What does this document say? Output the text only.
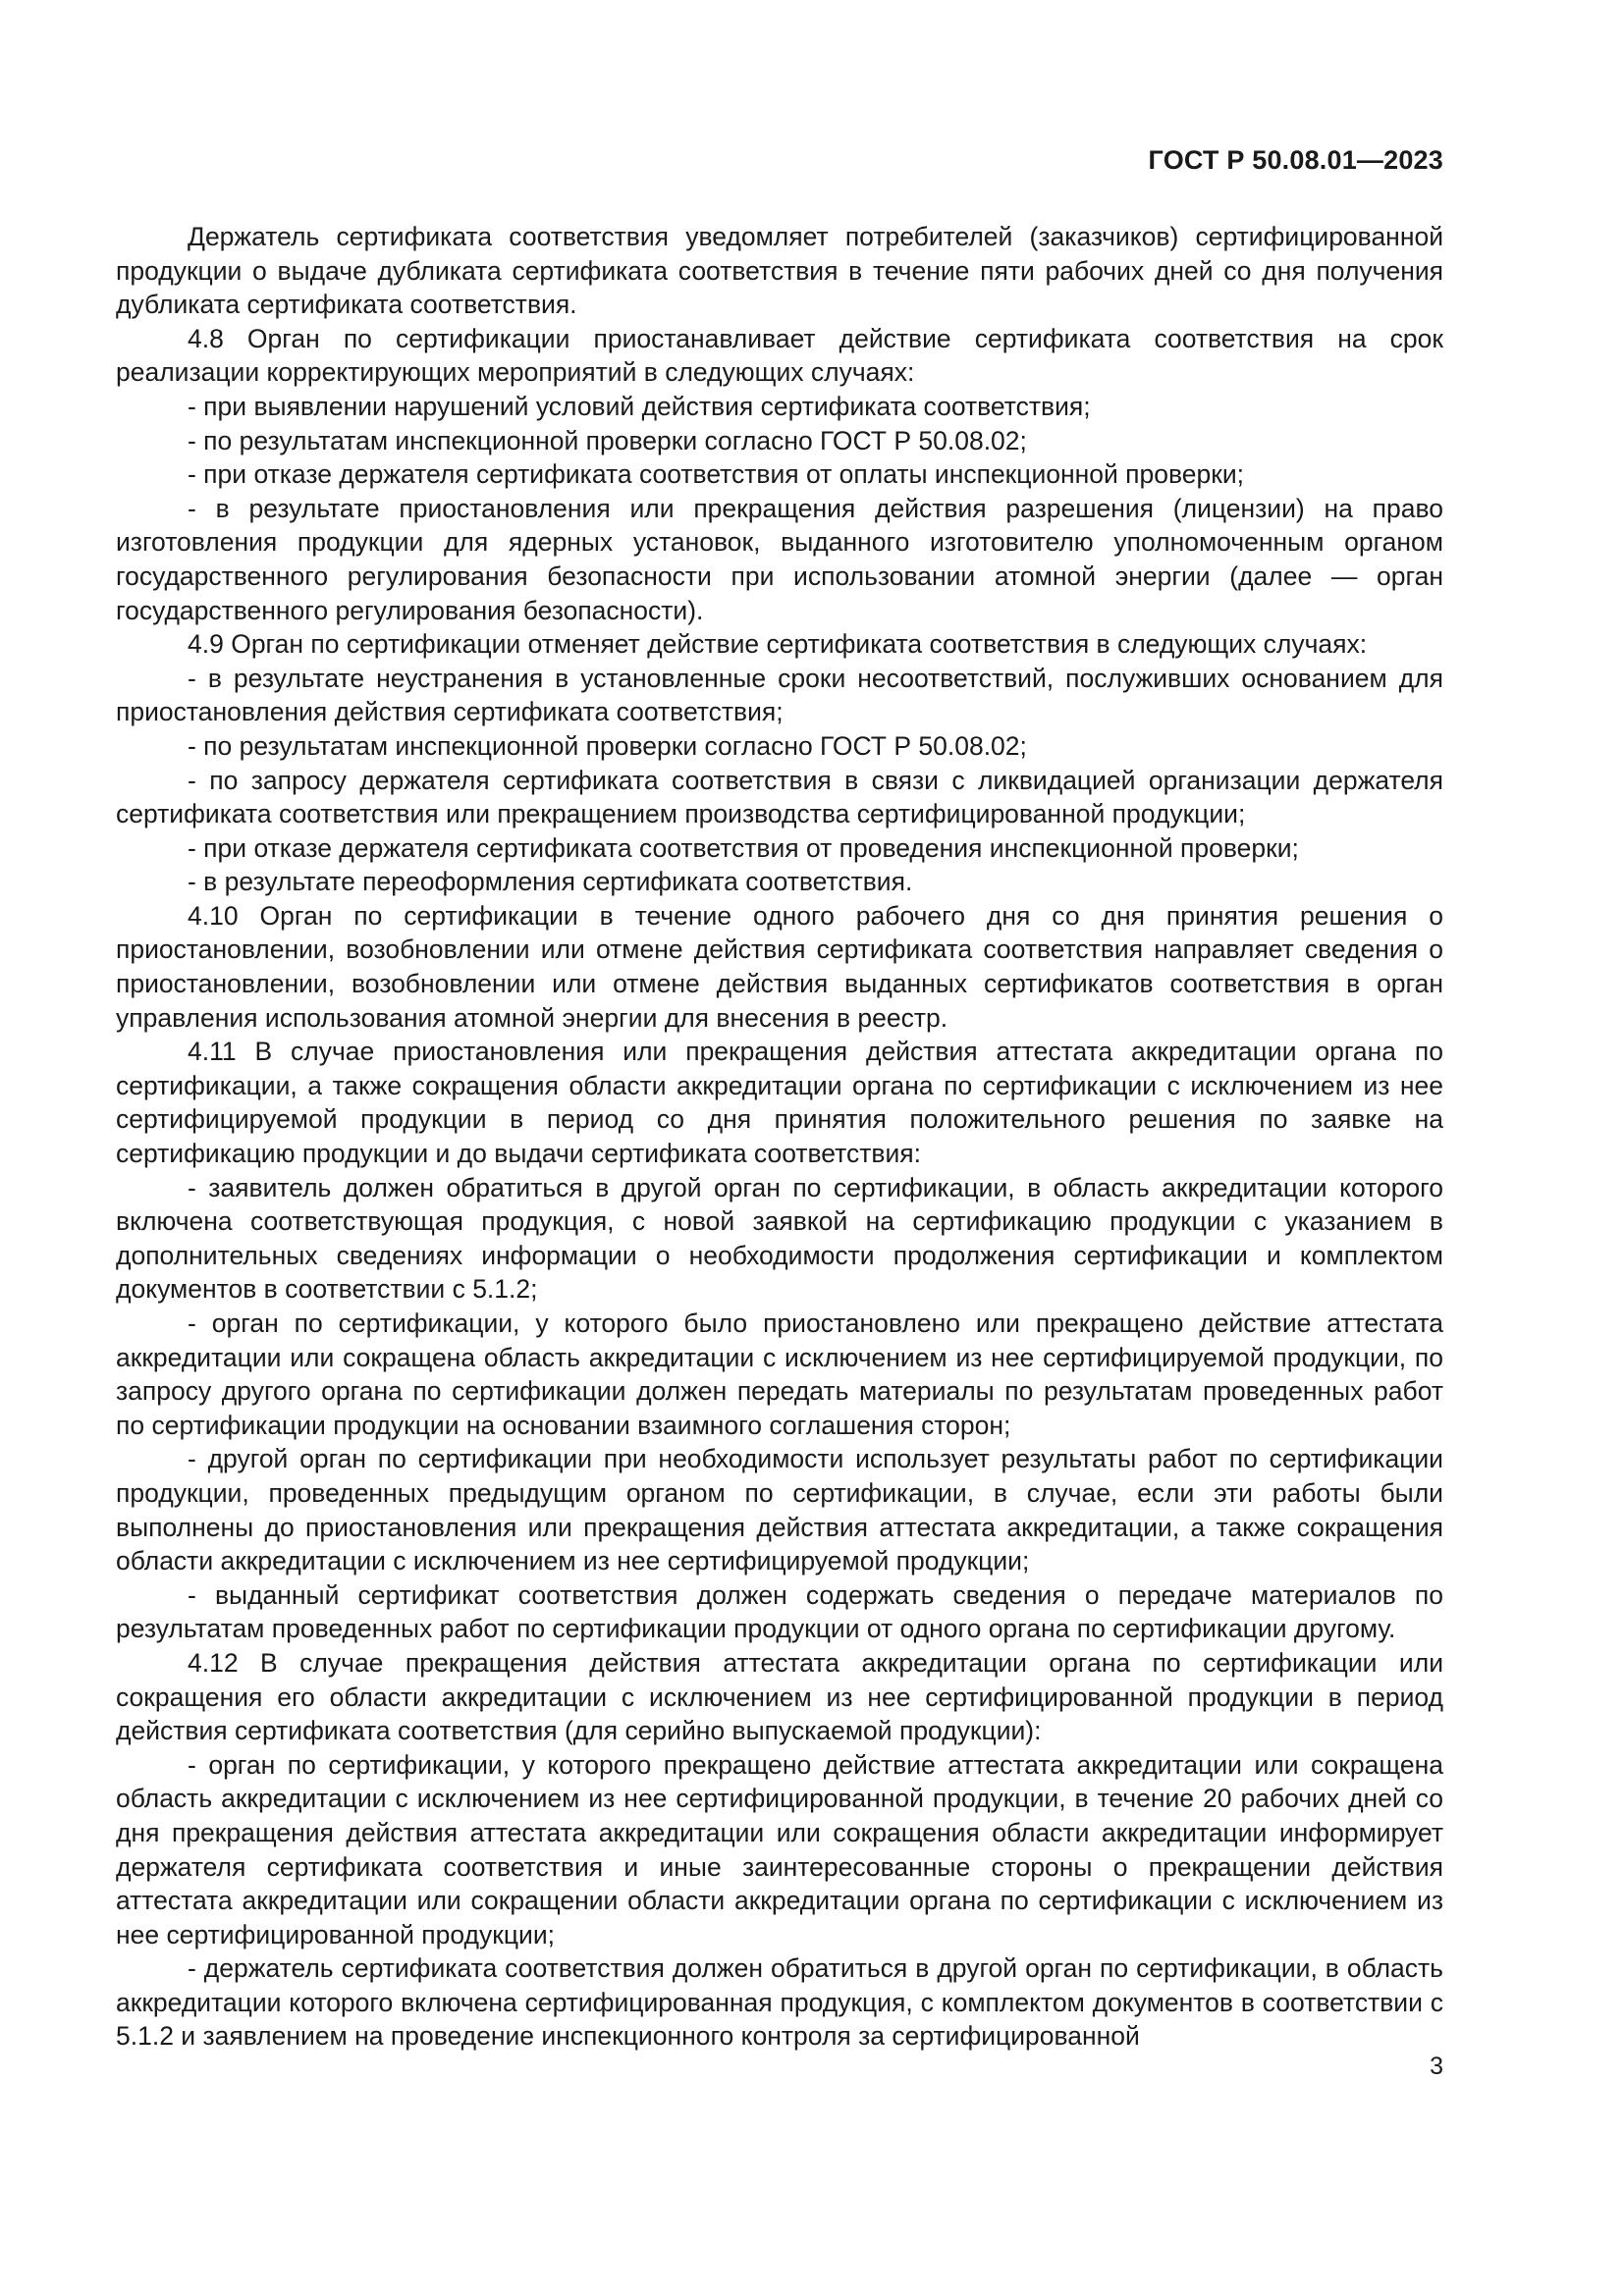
ГОСТ Р 50.08.01—2023

Держатель сертификата соответствия уведомляет потребителей (заказчиков) сертифицированной продукции о выдаче дубликата сертификата соответствия в течение пяти рабочих дней со дня получения дубликата сертификата соответствия.

4.8 Орган по сертификации приостанавливает действие сертификата соответствия на срок реализации корректирующих мероприятий в следующих случаях:

- при выявлении нарушений условий действия сертификата соответствия;

- по результатам инспекционной проверки согласно ГОСТ Р 50.08.02;

- при отказе держателя сертификата соответствия от оплаты инспекционной проверки;

- в результате приостановления или прекращения действия разрешения (лицензии) на право изготовления продукции для ядерных установок, выданного изготовителю уполномоченным органом государственного регулирования безопасности при использовании атомной энергии (далее — орган государственного регулирования безопасности).

4.9 Орган по сертификации отменяет действие сертификата соответствия в следующих случаях:

- в результате неустранения в установленные сроки несоответствий, послуживших основанием для приостановления действия сертификата соответствия;

- по результатам инспекционной проверки согласно ГОСТ Р 50.08.02;

- по запросу держателя сертификата соответствия в связи с ликвидацией организации держателя сертификата соответствия или прекращением производства сертифицированной продукции;

- при отказе держателя сертификата соответствия от проведения инспекционной проверки;

- в результате переоформления сертификата соответствия.

4.10 Орган по сертификации в течение одного рабочего дня со дня принятия решения о приостановлении, возобновлении или отмене действия сертификата соответствия направляет сведения о приостановлении, возобновлении или отмене действия выданных сертификатов соответствия в орган управления использования атомной энергии для внесения в реестр.

4.11 В случае приостановления или прекращения действия аттестата аккредитации органа по сертификации, а также сокращения области аккредитации органа по сертификации с исключением из нее сертифицируемой продукции в период со дня принятия положительного решения по заявке на сертификацию продукции и до выдачи сертификата соответствия:

- заявитель должен обратиться в другой орган по сертификации, в область аккредитации которого включена соответствующая продукция, с новой заявкой на сертификацию продукции с указанием в дополнительных сведениях информации о необходимости продолжения сертификации и комплектом документов в соответствии с 5.1.2;

- орган по сертификации, у которого было приостановлено или прекращено действие аттестата аккредитации или сокращена область аккредитации с исключением из нее сертифицируемой продукции, по запросу другого органа по сертификации должен передать материалы по результатам проведенных работ по сертификации продукции на основании взаимного соглашения сторон;

- другой орган по сертификации при необходимости использует результаты работ по сертификации продукции, проведенных предыдущим органом по сертификации, в случае, если эти работы были выполнены до приостановления или прекращения действия аттестата аккредитации, а также сокращения области аккредитации с исключением из нее сертифицируемой продукции;

- выданный сертификат соответствия должен содержать сведения о передаче материалов по результатам проведенных работ по сертификации продукции от одного органа по сертификации другому.

4.12 В случае прекращения действия аттестата аккредитации органа по сертификации или сокращения его области аккредитации с исключением из нее сертифицированной продукции в период действия сертификата соответствия (для серийно выпускаемой продукции):

- орган по сертификации, у которого прекращено действие аттестата аккредитации или сокращена область аккредитации с исключением из нее сертифицированной продукции, в течение 20 рабочих дней со дня прекращения действия аттестата аккредитации или сокращения области аккредитации информирует держателя сертификата соответствия и иные заинтересованные стороны о прекращении действия аттестата аккредитации или сокращении области аккредитации органа по сертификации с исключением из нее сертифицированной продукции;

- держатель сертификата соответствия должен обратиться в другой орган по сертификации, в область аккредитации которого включена сертифицированная продукция, с комплектом документов в соответствии с 5.1.2 и заявлением на проведение инспекционного контроля за сертифицированной

3
